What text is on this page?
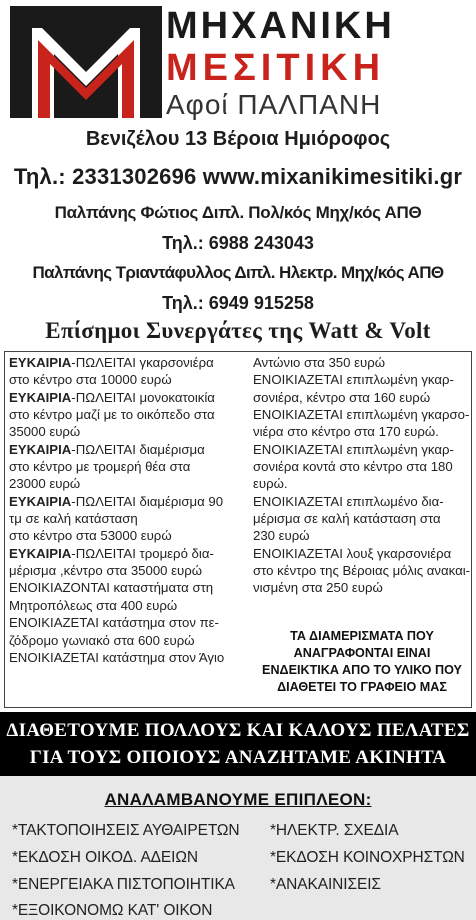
ΜΗΧΑΝΙΚΗ
ΜΕΣΙΤΙΚΗ
Αφοί ΠΑΛΠΑΝΗ
Βενιζέλου 13 Βέροια Ημιόροφος
Τηλ.: 2331302696 www.mixanikimesitiki.gr
Παλπάνης Φώτιος Διπλ. Πολ/κός Μηχ/κός ΑΠΘ
Τηλ.: 6988 243043
Παλπάνης Τριαντάφυλλος Διπλ. Ηλεκτρ. Μηχ/κός ΑΠΘ
Τηλ.: 6949 915258
Επίσημοι Συνεργάτες της Watt & Volt
ΕΥΚΑΙΡΙΑ-ΠΩΛΕΙΤΑΙ γκαρσονιέρα
στο κέντρο στα 10000 ευρώ
ΕΥΚΑΙΡΙΑ-ΠΩΛΕΙΤΑΙ μονοκατοικία
στο κέντρο μαζί με το οικόπεδο στα
35000 ευρώ
ΕΥΚΑΙΡΙΑ-ΠΩΛΕΙΤΑΙ διαμέρισμα
στο κέντρο με τρομερή θέα στα
23000 ευρώ
ΕΥΚΑΙΡΙΑ-ΠΩΛΕΙΤΑΙ διαμέρισμα 90
τμ σε καλή κατάσταση
στο κέντρο στα 53000 ευρώ
ΕΥΚΑΙΡΙΑ-ΠΩΛΕΙΤΑΙ τρομερό δια-
μέρισμα ,κέντρο στα 35000 ευρώ
ΕΝΟΙΚΙΑΖΟΝΤΑΙ καταστήματα στη
Μητροπόλεως στα 400 ευρώ
ΕΝΟΙΚΙΑΖΕΤΑΙ κατάστημα στον πε-
ζόδρομο γωνιακό στα 600 ευρώ
ΕΝΟΙΚΙΑΖΕΤΑΙ κατάστημα στον Άγιο
Αντώνιο στα 350 ευρώ
ΕΝΟΙΚΙΑΖΕΤΑΙ επιπλωμένη γκαρ-
σονιέρα, κέντρο στα 160 ευρώ
ΕΝΟΙΚΙΑΖΕΤΑΙ επιπλωμένη γκαρσο-
νιέρα στο κέντρο στα 170 ευρώ.
ΕΝΟΙΚΙΑΖΕΤΑΙ επιπλωμένη γκαρ-
σονιέρα κοντά στο κέντρο στα 180
ευρώ.
ΕΝΟΙΚΙΑΖΕΤΑΙ επιπλωμένο δια-
μέρισμα σε καλή κατάσταση στα
230 ευρώ
ΕΝΟΙΚΙΑΖΕΤΑΙ λουξ γκαρσονιέρα
στο κέντρο της Βέροιας μόλις ανακαι-
νισμένη στα 250 ευρώ
ΤΑ ΔΙΑΜΕΡΙΣΜΑΤΑ ΠΟΥ
ΑΝΑΓΡΑΦΟΝΤΑΙ ΕΙΝΑΙ
ΕΝΔΕΙΚΤΙΚΑ ΑΠΟ ΤΟ ΥΛΙΚΟ ΠΟΥ
ΔΙΑΘΕΤΕΙ ΤΟ ΓΡΑΦΕΙΟ ΜΑΣ
ΔΙΑΘΕΤΟΥΜΕ ΠΟΛΛΟΥΣ ΚΑΙ ΚΑΛΟΥΣ ΠΕΛΑΤΕΣ
ΓΙΑ ΤΟΥΣ ΟΠΟΙΟΥΣ ΑΝΑΖΗΤΑΜΕ ΑΚΙΝΗΤΑ
ΑΝΑΛΑΜΒΑΝΟΥΜΕ ΕΠΙΠΛΕΟΝ:
*ΤΑΚΤΟΠΟΙΗΣΕΙΣ ΑΥΘΑΙΡΕΤΩΝ
*ΕΚΔΟΣΗ ΟΙΚΟΔ. ΑΔΕΙΩΝ
*ΕΝΕΡΓΕΙΑΚΑ ΠΙΣΤΟΠΟΙΗΤΙΚΑ
*ΕΞΟΙΚΟΝΟΜΩ ΚΑΤ' ΟΙΚΟΝ
*ΗΛΕΚΤΡ. ΣΧΕΔΙΑ
*ΕΚΔΟΣΗ ΚΟΙΝΟΧΡΗΣΤΩΝ
*ΑΝΑΚΑΙΝΙΣΕΙΣ
